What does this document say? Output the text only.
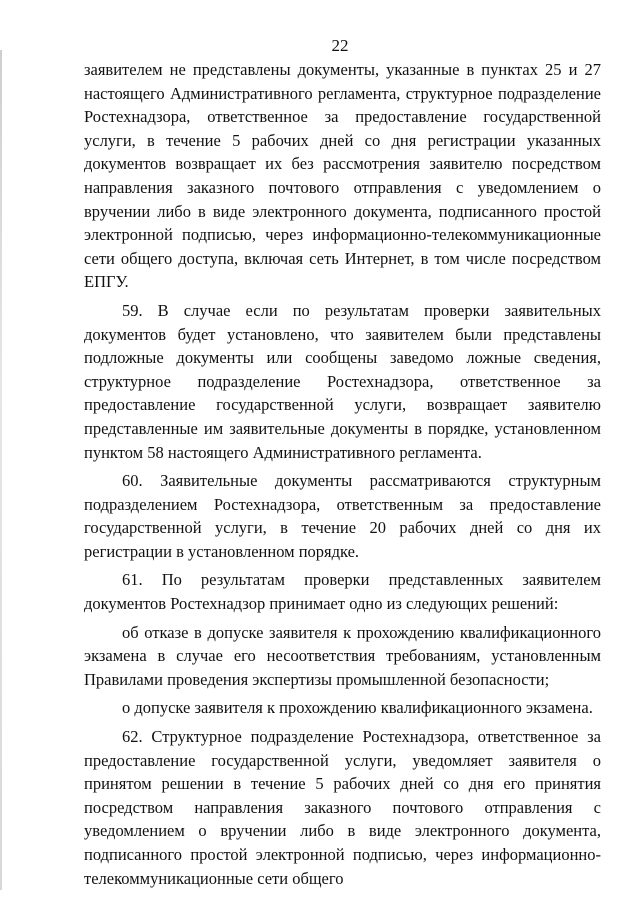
22

заявителем не представлены документы, указанные в пунктах 25 и 27 настоящего Административного регламента, структурное подразделение Ростехнадзора, ответственное за предоставление государственной услуги, в течение 5 рабочих дней со дня регистрации указанных документов возвращает их без рассмотрения заявителю посредством направления заказного почтового отправления с уведомлением о вручении либо в виде электронного документа, подписанного простой электронной подписью, через информационно-телекоммуникационные сети общего доступа, включая сеть Интернет, в том числе посредством ЕПГУ.

59. В случае если по результатам проверки заявительных документов будет установлено, что заявителем были представлены подложные документы или сообщены заведомо ложные сведения, структурное подразделение Ростехнадзора, ответственное за предоставление государственной услуги, возвращает заявителю представленные им заявительные документы в порядке, установленном пунктом 58 настоящего Административного регламента.

60. Заявительные документы рассматриваются структурным подразделением Ростехнадзора, ответственным за предоставление государственной услуги, в течение 20 рабочих дней со дня их регистрации в установленном порядке.

61. По результатам проверки представленных заявителем документов Ростехнадзор принимает одно из следующих решений:

об отказе в допуске заявителя к прохождению квалификационного экзамена в случае его несоответствия требованиям, установленным Правилами проведения экспертизы промышленной безопасности;

о допуске заявителя к прохождению квалификационного экзамена.

62. Структурное подразделение Ростехнадзора, ответственное за предоставление государственной услуги, уведомляет заявителя о принятом решении в течение 5 рабочих дней со дня его принятия посредством направления заказного почтового отправления с уведомлением о вручении либо в виде электронного документа, подписанного простой электронной подписью, через информационно-телекоммуникационные сети общего
